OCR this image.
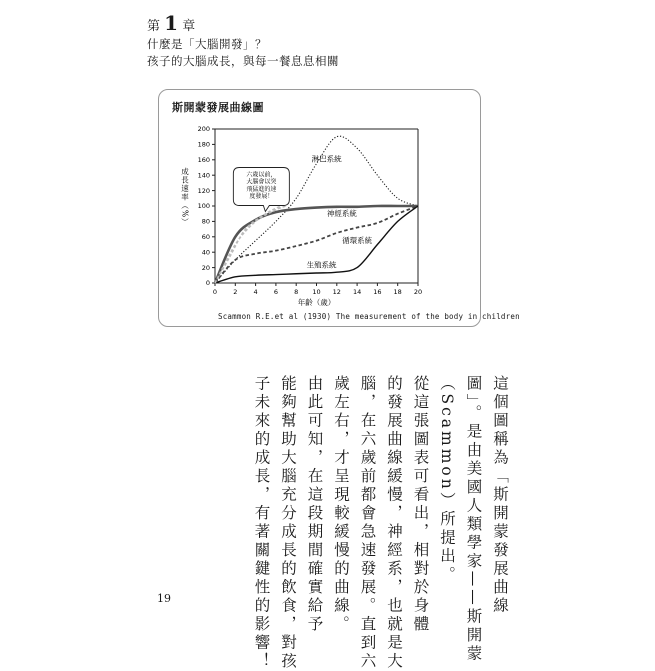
第 1 章
什麼是「大腦開發」？
孩子的大腦成長，與每一餐息息相關
斯開蒙發展曲線圖
Scammon R.E.et al (1930) The measurement of the body in children
0 2 4 6 8 10 12 14 16 18 20
0
20
40
60
80
100
120
140
160
180
200
年齡（歲）
成長速率（%）
淋巴系統
神經系統
循環系統
生殖系統
六歲以前，
大腦會以突
飛猛進的速
度發展！
這個圖稱為「斯開蒙發展曲線
圖」。是由美國人類學家——斯開蒙
（Scammon）所提出。
從這張圖表可看出，相對於身體
的發展曲線緩慢，神經系，也就是大
腦，在六歲前都會急速發展。直到六
歲左右，才呈現較緩慢的曲線。
由此可知，在這段期間確實給予
能夠幫助大腦充分成長的飲食，對孩
子未來的成長，有著關鍵性的影響！
19
